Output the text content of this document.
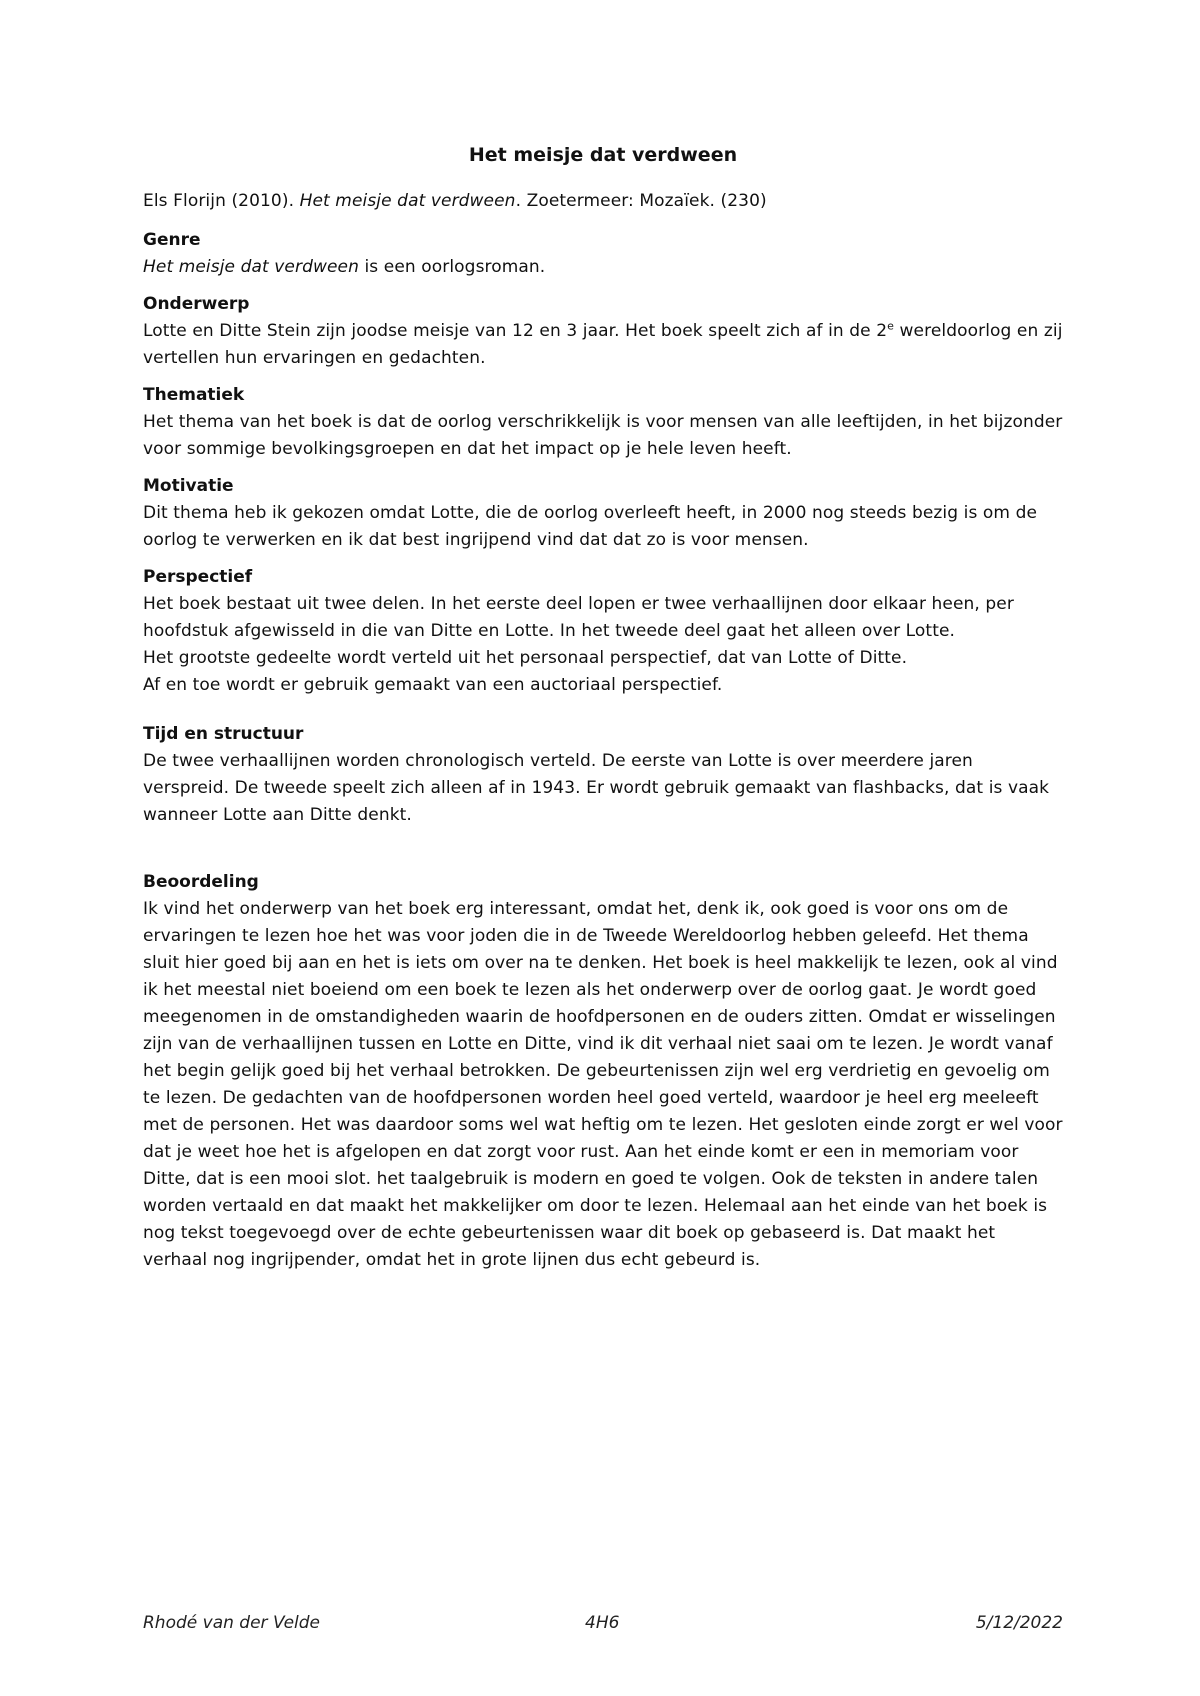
Het meisje dat verdween

Els Florijn (2010). Het meisje dat verdween. Zoetermeer: Mozaïek. (230)

Genre

Het meisje dat verdween is een oorlogsroman.

Onderwerp

Lotte en Ditte Stein zijn joodse meisje van 12 en 3 jaar. Het boek speelt zich af in de 2e wereldoorlog en zij vertellen hun ervaringen en gedachten.

Thematiek

Het thema van het boek is dat de oorlog verschrikkelijk is voor mensen van alle leeftijden, in het bijzonder voor sommige bevolkingsgroepen en dat het impact op je hele leven heeft.

Motivatie

Dit thema heb ik gekozen omdat Lotte, die de oorlog overleeft heeft, in 2000 nog steeds bezig is om de oorlog te verwerken en ik dat best ingrijpend vind dat dat zo is voor mensen.

Perspectief

Het boek bestaat uit twee delen. In het eerste deel lopen er twee verhaallijnen door elkaar heen, per hoofdstuk afgewisseld in die van Ditte en Lotte. In het tweede deel gaat het alleen over Lotte.

Het grootste gedeelte wordt verteld uit het personaal perspectief, dat van Lotte of Ditte.

Af en toe wordt er gebruik gemaakt van een auctoriaal perspectief.

Tijd en structuur

De twee verhaallijnen worden chronologisch verteld. De eerste van Lotte is over meerdere jaren verspreid. De tweede speelt zich alleen af in 1943. Er wordt gebruik gemaakt van flashbacks, dat is vaak wanneer Lotte aan Ditte denkt.

Beoordeling

Ik vind het onderwerp van het boek erg interessant, omdat het, denk ik, ook goed is voor ons om de ervaringen te lezen hoe het was voor joden die in de Tweede Wereldoorlog hebben geleefd. Het thema sluit hier goed bij aan en het is iets om over na te denken. Het boek is heel makkelijk te lezen, ook al vind ik het meestal niet boeiend om een boek te lezen als het onderwerp over de oorlog gaat. Je wordt goed meegenomen in de omstandigheden waarin de hoofdpersonen en de ouders zitten. Omdat er wisselingen zijn van de verhaallijnen tussen en Lotte en Ditte, vind ik dit verhaal niet saai om te lezen. Je wordt vanaf het begin gelijk goed bij het verhaal betrokken. De gebeurtenissen zijn wel erg verdrietig en gevoelig om te lezen. De gedachten van de hoofdpersonen worden heel goed verteld, waardoor je heel erg meeleeft met de personen. Het was daardoor soms wel wat heftig om te lezen. Het gesloten einde zorgt er wel voor dat je weet hoe het is afgelopen en dat zorgt voor rust. Aan het einde komt er een in memoriam voor Ditte, dat is een mooi slot. het taalgebruik is modern en goed te volgen. Ook de teksten in andere talen worden vertaald en dat maakt het makkelijker om door te lezen. Helemaal aan het einde van het boek is nog tekst toegevoegd over de echte gebeurtenissen waar dit boek op gebaseerd is. Dat maakt het verhaal nog ingrijpender, omdat het in grote lijnen dus echt gebeurd is.

Rhodé van der Velde	4H6	5/12/2022
